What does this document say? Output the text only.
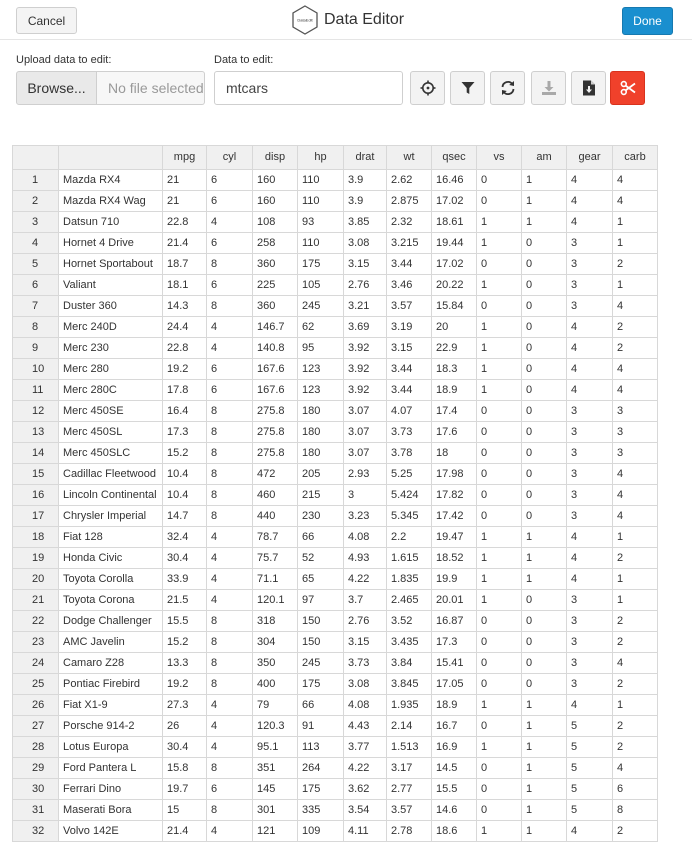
Cancel	DataEdit Data Editor	Done
Upload data to edit:
Browse...	No file selected
Data to edit:
mtcars
		mpg	cyl	disp	hp	drat	wt	qsec	vs	am	gear	carb
1	Mazda RX4	21	6	160	110	3.9	2.62	16.46	0	1	4	4
2	Mazda RX4 Wag	21	6	160	110	3.9	2.875	17.02	0	1	4	4
3	Datsun 710	22.8	4	108	93	3.85	2.32	18.61	1	1	4	1
4	Hornet 4 Drive	21.4	6	258	110	3.08	3.215	19.44	1	0	3	1
5	Hornet Sportabout	18.7	8	360	175	3.15	3.44	17.02	0	0	3	2
6	Valiant	18.1	6	225	105	2.76	3.46	20.22	1	0	3	1
7	Duster 360	14.3	8	360	245	3.21	3.57	15.84	0	0	3	4
8	Merc 240D	24.4	4	146.7	62	3.69	3.19	20	1	0	4	2
9	Merc 230	22.8	4	140.8	95	3.92	3.15	22.9	1	0	4	2
10	Merc 280	19.2	6	167.6	123	3.92	3.44	18.3	1	0	4	4
11	Merc 280C	17.8	6	167.6	123	3.92	3.44	18.9	1	0	4	4
12	Merc 450SE	16.4	8	275.8	180	3.07	4.07	17.4	0	0	3	3
13	Merc 450SL	17.3	8	275.8	180	3.07	3.73	17.6	0	0	3	3
14	Merc 450SLC	15.2	8	275.8	180	3.07	3.78	18	0	0	3	3
15	Cadillac Fleetwood	10.4	8	472	205	2.93	5.25	17.98	0	0	3	4
16	Lincoln Continental	10.4	8	460	215	3	5.424	17.82	0	0	3	4
17	Chrysler Imperial	14.7	8	440	230	3.23	5.345	17.42	0	0	3	4
18	Fiat 128	32.4	4	78.7	66	4.08	2.2	19.47	1	1	4	1
19	Honda Civic	30.4	4	75.7	52	4.93	1.615	18.52	1	1	4	2
20	Toyota Corolla	33.9	4	71.1	65	4.22	1.835	19.9	1	1	4	1
21	Toyota Corona	21.5	4	120.1	97	3.7	2.465	20.01	1	0	3	1
22	Dodge Challenger	15.5	8	318	150	2.76	3.52	16.87	0	0	3	2
23	AMC Javelin	15.2	8	304	150	3.15	3.435	17.3	0	0	3	2
24	Camaro Z28	13.3	8	350	245	3.73	3.84	15.41	0	0	3	4
25	Pontiac Firebird	19.2	8	400	175	3.08	3.845	17.05	0	0	3	2
26	Fiat X1-9	27.3	4	79	66	4.08	1.935	18.9	1	1	4	1
27	Porsche 914-2	26	4	120.3	91	4.43	2.14	16.7	0	1	5	2
28	Lotus Europa	30.4	4	95.1	113	3.77	1.513	16.9	1	1	5	2
29	Ford Pantera L	15.8	8	351	264	4.22	3.17	14.5	0	1	5	4
30	Ferrari Dino	19.7	6	145	175	3.62	2.77	15.5	0	1	5	6
31	Maserati Bora	15	8	301	335	3.54	3.57	14.6	0	1	5	8
32	Volvo 142E	21.4	4	121	109	4.11	2.78	18.6	1	1	4	2
